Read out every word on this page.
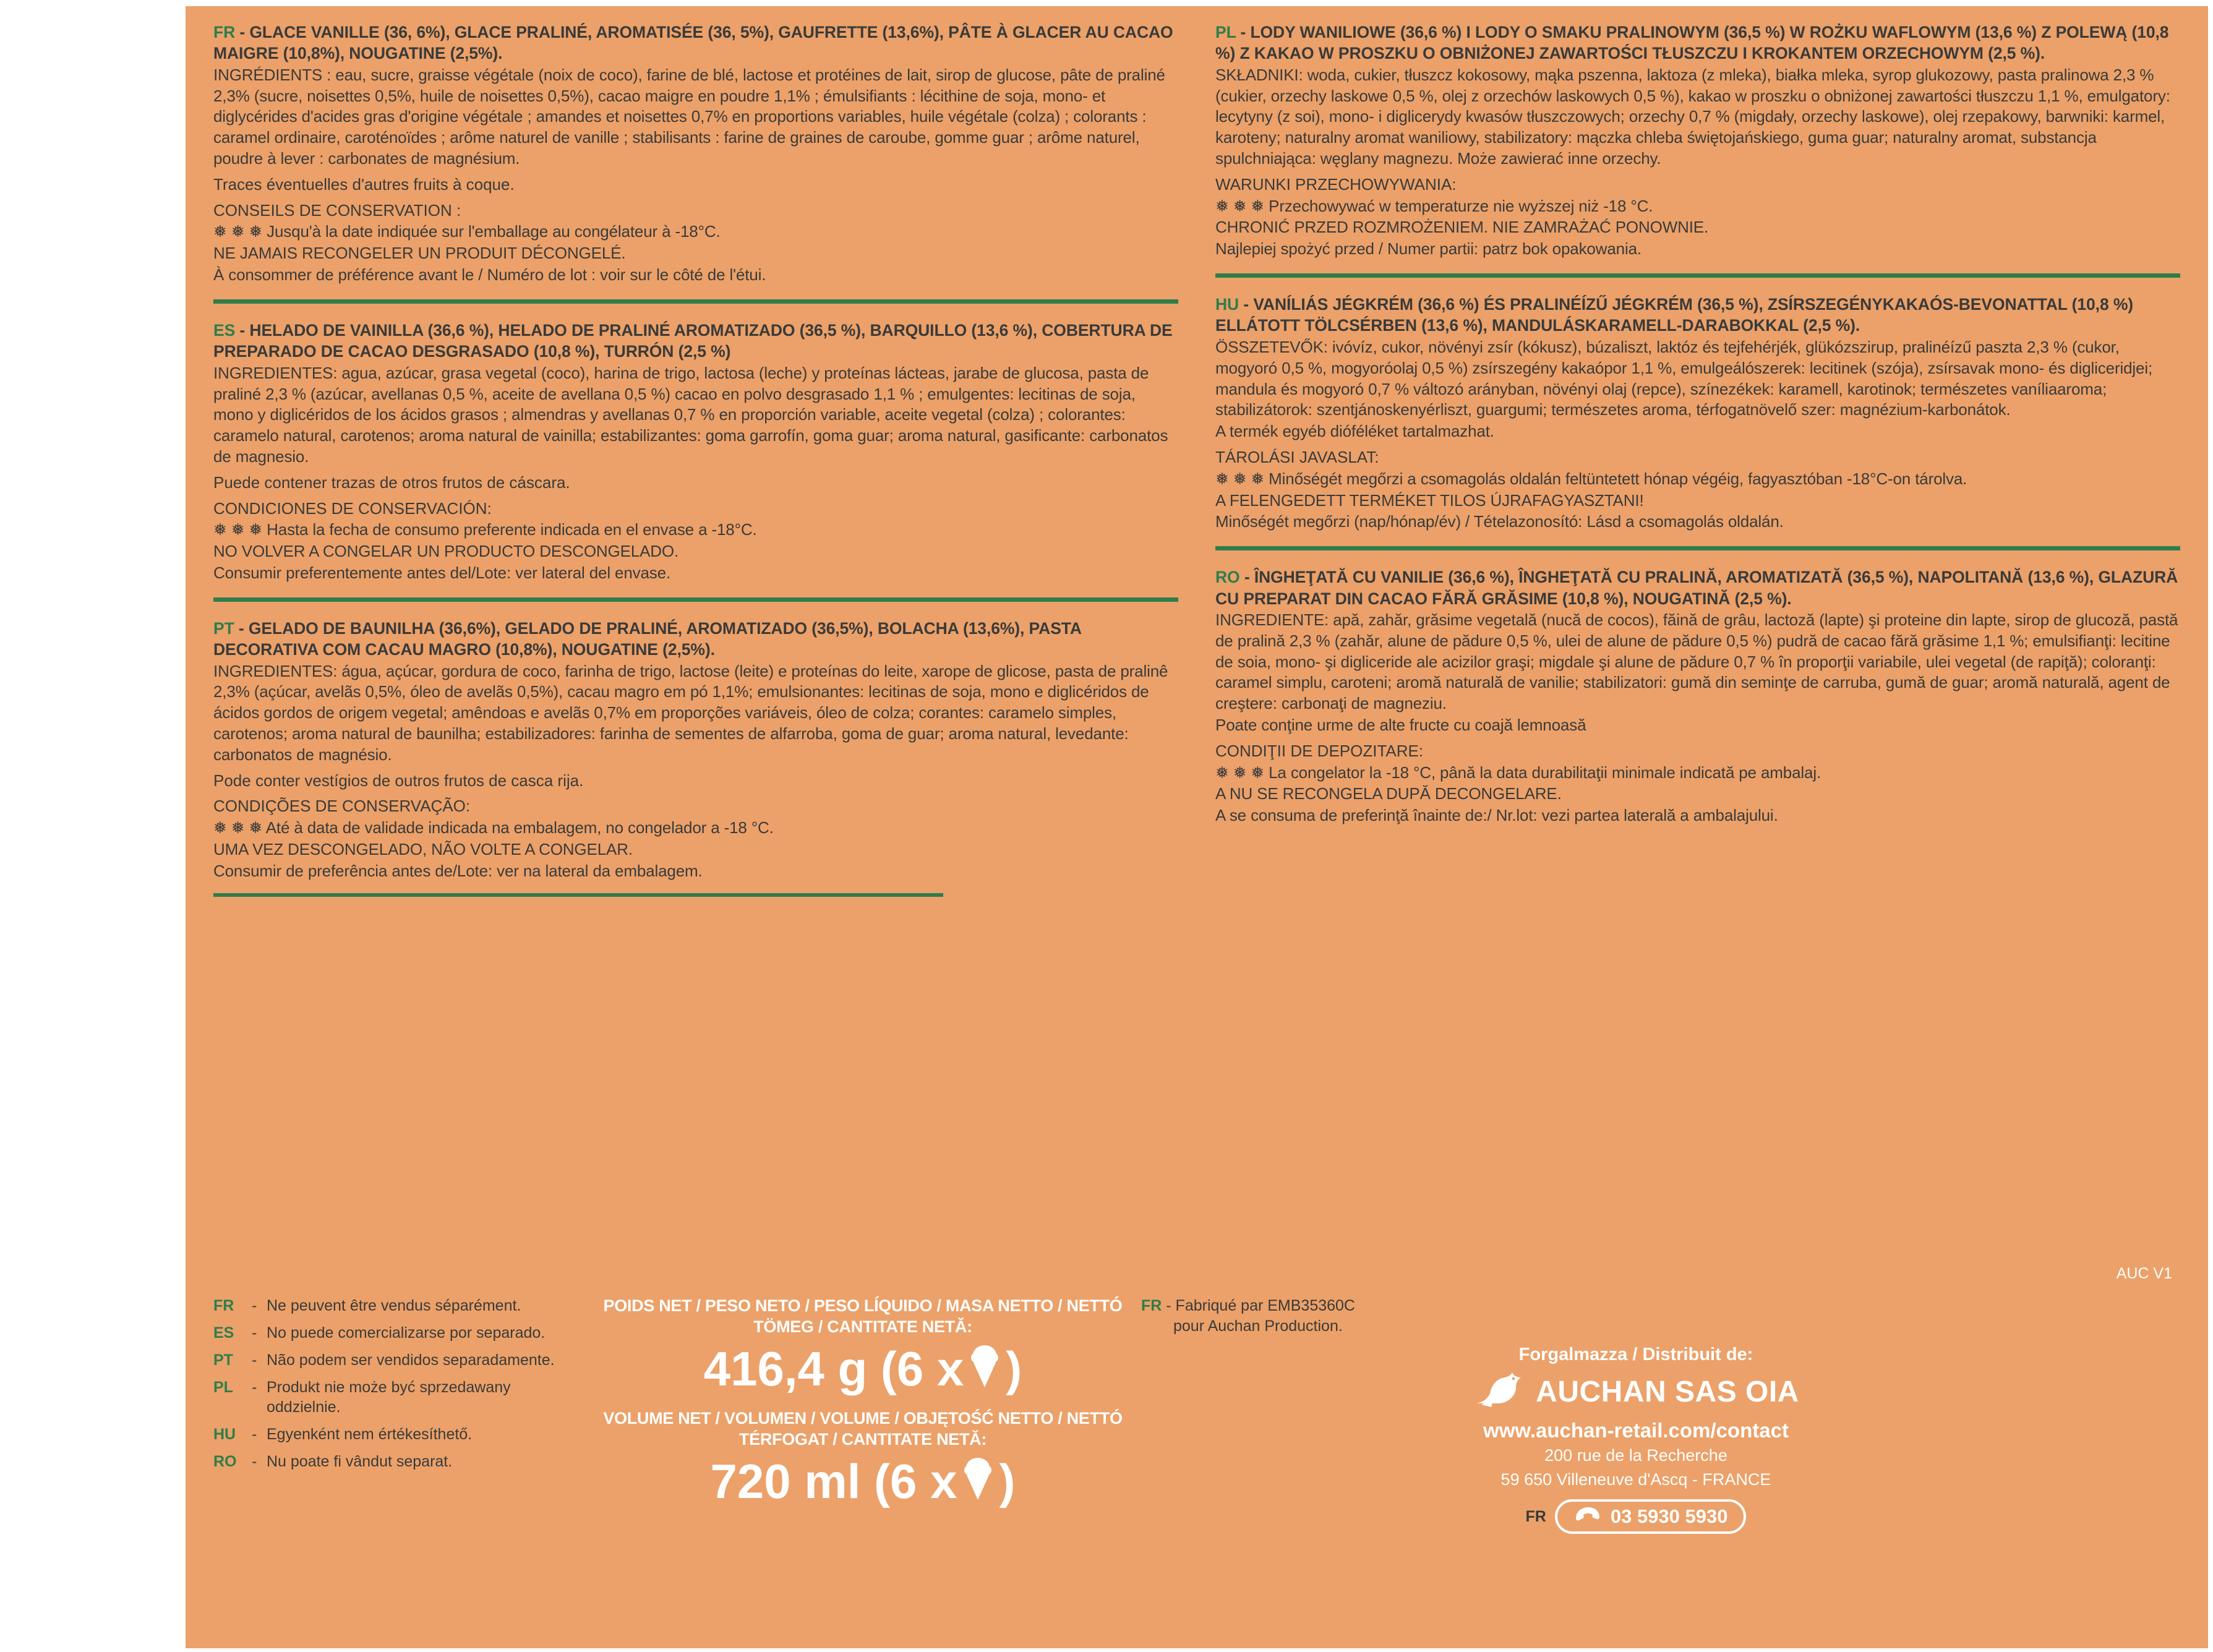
FR - GLACE VANILLE (36, 6%), GLACE PRALINÉ, AROMATISÉE (36, 5%), GAUFRETTE (13,6%), PÂTE À GLACER AU CACAO MAIGRE (10,8%), NOUGATINE (2,5%).
INGRÉDIENTS : eau, sucre, graisse végétale (noix de coco), farine de blé, lactose et protéines de lait, sirop de glucose, pâte de praliné 2,3% (sucre, noisettes 0,5%, huile de noisettes 0,5%), cacao maigre en poudre 1,1% ; émulsifiants : lécithine de soja, mono- et diglycérides d'acides gras d'origine végétale ; amandes et noisettes 0,7% en proportions variables, huile végétale (colza) ; colorants : caramel ordinaire, caroténoïdes ; arôme naturel de vanille ; stabilisants : farine de graines de caroube, gomme guar ; arôme naturel, poudre à lever : carbonates de magnésium.
Traces éventuelles d'autres fruits à coque.
CONSEILS DE CONSERVATION :
❅ ❅ ❅ Jusqu'à la date indiquée sur l'emballage au congélateur à -18°C.
NE JAMAIS RECONGELER UN PRODUIT DÉCONGELÉ.
À consommer de préférence avant le / Numéro de lot : voir sur le côté de l'étui.
ES - HELADO DE VAINILLA (36,6 %), HELADO DE PRALINÉ AROMATIZADO (36,5 %), BARQUILLO (13,6 %), COBERTURA DE PREPARADO DE CACAO DESGRASADO (10,8 %), TURRÓN (2,5 %)
INGREDIENTES: agua, azúcar, grasa vegetal (coco), harina de trigo, lactosa (leche) y proteínas lácteas, jarabe de glucosa, pasta de praliné 2,3 % (azúcar, avellanas 0,5 %, aceite de avellana 0,5 %) cacao en polvo desgrasado 1,1 % ; emulgentes: lecitinas de soja, mono y diglicéridos de los ácidos grasos ; almendras y avellanas 0,7 % en proporción variable, aceite vegetal (colza) ; colorantes: caramelo natural, carotenos; aroma natural de vainilla; estabilizantes: goma garrofín, goma guar; aroma natural, gasificante: carbonatos de magnesio.
Puede contener trazas de otros frutos de cáscara.
CONDICIONES DE CONSERVACIÓN:
❅ ❅ ❅ Hasta la fecha de consumo preferente indicada en el envase a -18°C.
NO VOLVER A CONGELAR UN PRODUCTO DESCONGELADO.
Consumir preferentemente antes del/Lote: ver lateral del envase.
PT - GELADO DE BAUNILHA (36,6%), GELADO DE PRALINÉ, AROMATIZADO (36,5%), BOLACHA (13,6%), PASTA DECORATIVA COM CACAU MAGRO (10,8%), NOUGATINE (2,5%).
INGREDIENTES: água, açúcar, gordura de coco, farinha de trigo, lactose (leite) e proteínas do leite, xarope de glicose, pasta de pralinê 2,3% (açúcar, avelãs 0,5%, óleo de avelãs 0,5%), cacau magro em pó 1,1%; emulsionantes: lecitinas de soja, mono e diglicéridos de ácidos gordos de origem vegetal; amêndoas e avelãs 0,7% em proporções variáveis, óleo de colza; corantes: caramelo simples, carotenos; aroma natural de baunilha; estabilizadores: farinha de sementes de alfarroba, goma de guar; aroma natural, levedante: carbonatos de magnésio.
Pode conter vestígios de outros frutos de casca rija.
CONDIÇÕES DE CONSERVAÇÃO:
❅ ❅ ❅ Até à data de validade indicada na embalagem, no congelador a -18 °C.
UMA VEZ DESCONGELADO, NÃO VOLTE A CONGELAR.
Consumir de preferência antes de/Lote: ver na lateral da embalagem.
PL - LODY WANILIOWE (36,6 %) I LODY O SMAKU PRALINOWYM (36,5 %) W ROŻKU WAFLOWYM (13,6 %) Z POLEWĄ (10,8 %) Z KAKAO W PROSZKU O OBNIŻONEJ ZAWARTOŚCI TŁUSZCZU I KROKANTEM ORZECHOWYM (2,5 %).
SKŁADNIKI: woda, cukier, tłuszcz kokosowy, mąka pszenna, laktoza (z mleka), białka mleka, syrop glukozowy, pasta pralinowa 2,3 % (cukier, orzechy laskowe 0,5 %, olej z orzechów laskowych 0,5 %), kakao w proszku o obniżonej zawartości tłuszczu 1,1 %, emulgatory: lecytyny (z soi), mono- i diglicerydy kwasów tłuszczowych; orzechy 0,7 % (migdały, orzechy laskowe), olej rzepakowy, barwniki: karmel, karoteny; naturalny aromat waniliowy, stabilizatory: mączka chleba świętojańskiego, guma guar; naturalny aromat, substancja spulchniająca: węglany magnezu. Może zawierać inne orzechy.
WARUNKI PRZECHOWYWANIA:
❅ ❅ ❅ Przechowywać w temperaturze nie wyższej niż -18 °C.
CHRONIĆ PRZED ROZMROŻENIEM. NIE ZAMRAŻAĆ PONOWNIE.
Najlepiej spożyć przed / Numer partii: patrz bok opakowania.
HU - VANÍLIÁS JÉGKRÉM (36,6 %) ÉS PRALINÉÍZŰ JÉGKRÉM (36,5 %), ZSÍRSZEGÉNYKAKAÓS-BEVONATTAL (10,8 %) ELLÁTOTT TÖLCSÉRBEN (13,6 %), MANDULÁSKARAMELL-DARABOKKAL (2,5 %).
ÖSSZETEVŐK: ivóvíz, cukor, növényi zsír (kókusz), búzaliszt, laktóz és tejfehérjék, glükózszirup, pralinéízű paszta 2,3 % (cukor, mogyoró 0,5 %, mogyoróolaj 0,5 %) zsírszegény kakaópor 1,1 %, emulgeálószerek: lecitinek (szója), zsírsavak mono- és digliceridjei; mandula és mogyoró 0,7 % változó arányban, növényi olaj (repce), színezékek: karamell, karotinok; természetes vaníliaaroma; stabilizátorok: szentjánoskenyérliszt, guargumi; természetes aroma, térfogatnövelő szer: magnézium-karbonátok.
A termék egyéb dióféléket tartalmazhat.
TÁROLÁSI JAVASLAT:
❅ ❅ ❅ Minőségét megőrzi a csomagolás oldalán feltüntetett hónap végéig, fagyasztóban -18°C-on tárolva.
A FELENGEDETT TERMÉKET TILOS ÚJRAFAGYASZTANI!
Minőségét megőrzi (nap/hónap/év) / Tételazonosító: Lásd a csomagolás oldalán.
RO - ÎNGHEŢATĂ CU VANILIE (36,6 %), ÎNGHEŢATĂ CU PRALINĂ, AROMATIZATĂ (36,5 %), NAPOLITANĂ (13,6 %), GLAZURĂ CU PREPARAT DIN CACAO FĂRĂ GRĂSIME (10,8 %), NOUGATINĂ (2,5 %).
INGREDIENTE: apă, zahăr, grăsime vegetală (nucă de cocos), făină de grâu, lactoză (lapte) şi proteine din lapte, sirop de glucoză, pastă de pralină 2,3 % (zahăr, alune de pădure 0,5 %, ulei de alune de pădure 0,5 %) pudră de cacao fără grăsime 1,1 %; emulsifianţi: lecitine de soia, mono- şi digliceride ale acizilor graşi; migdale şi alune de pădure 0,7 % în proporţii variabile, ulei vegetal (de rapiţă); coloranţi: caramel simplu, caroteni; aromă naturală de vanilie; stabilizatori: gumă din seminţe de carruba, gumă de guar; aromă naturală, agent de creştere: carbonaţi de magneziu.
Poate conţine urme de alte fructe cu coajă lemnoasă
CONDIŢII DE DEPOZITARE:
❅ ❅ ❅ La congelator la -18 °C, până la data durabilitaţii minimale indicată pe ambalaj.
A NU SE RECONGELA DUPĂ DECONGELARE.
A se consuma de preferinţă înainte de:/ Nr.lot: vezi partea laterală a ambalajului.
AUC V1
FR	- Ne peuvent être vendus séparément.
ES	- No puede comercializarse por separado.
PT	- Não podem ser vendidos separadamente.
PL	- Produkt nie może być sprzedawany oddzielnie.
HU	- Egyenként nem értékesíthető.
RO - Nu poate fi vândut separat.
POIDS NET / PESO NETO / PESO LÍQUIDO / MASA NETTO / NETTÓ TÖMEG / CANTITATE NETĂ:
416,4 g (6 x )
VOLUME NET / VOLUMEN / VOLUME / OBJĘTOŚĆ NETTO / NETTÓ TÉRFOGAT / CANTITATE NETĂ:
720 ml (6 x )
FR - Fabriqué par EMB35360C
pour Auchan Production.
Forgalmazza / Distribuit de:
AUCHAN SAS OIA
www.auchan-retail.com/contact
200 rue de la Recherche
59 650 Villeneuve d'Ascq - FRANCE
FR	03 5930 5930
